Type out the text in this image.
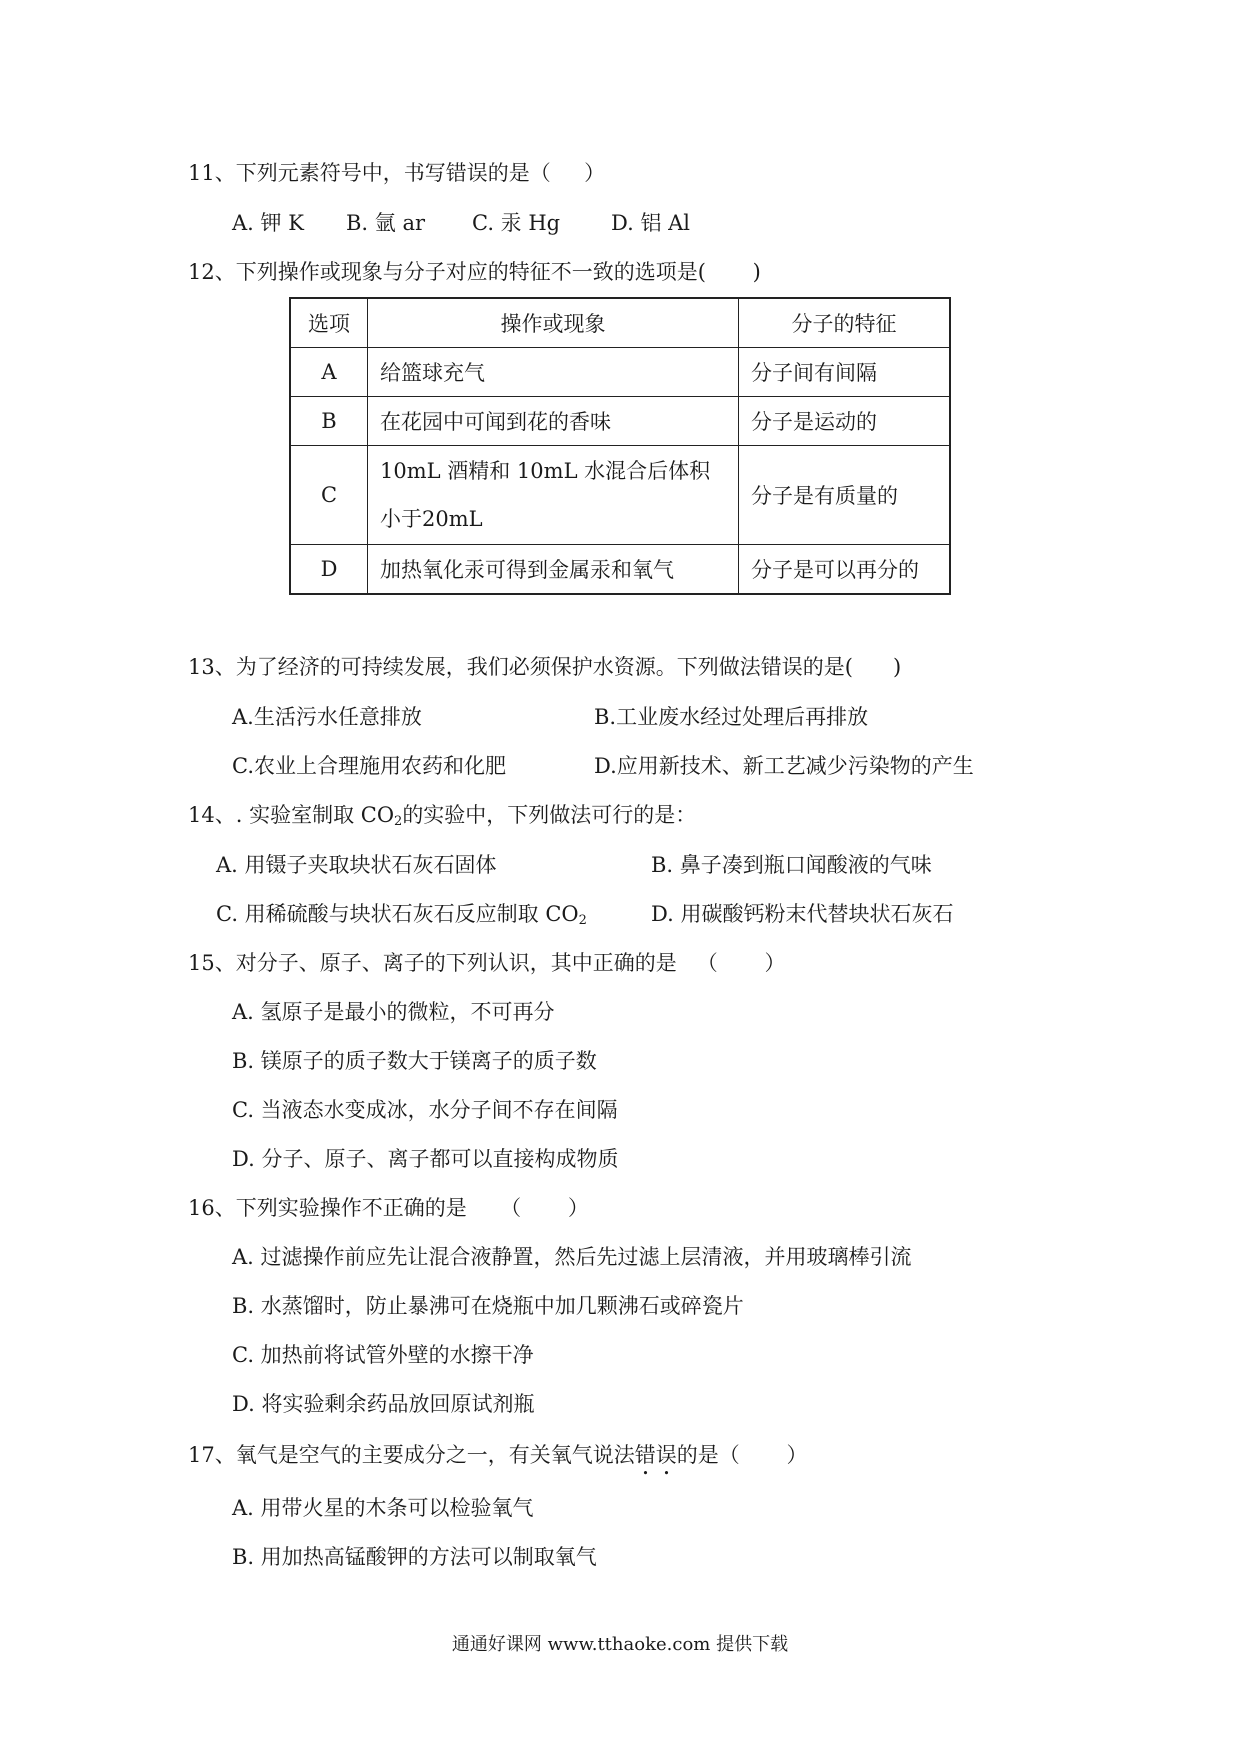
11、下列元素符号中，书写错误的是（     ）
A. 钾 K B. 氩 ar C. 汞 Hg D. 铝 Al
12、下列操作或现象与分子对应的特征不一致的选项是(       )
选项	操作或现象	分子的特征
A	给篮球充气	分子间有间隔
B	在花园中可闻到花的香味	分子是运动的
C	10mL 酒精和 10mL 水混合后体积小于20mL	分子是有质量的
D	加热氧化汞可得到金属汞和氧气	分子是可以再分的
13、为了经济的可持续发展，我们必须保护水资源。下列做法错误的是(      )
A.生活污水任意排放	B.工业废水经过处理后再排放
C.农业上合理施用农药和化肥	D.应用新技术、新工艺减少污染物的产生
14、. 实验室制取 $CO_2$的实验中，下列做法可行的是：
A. 用镊子夹取块状石灰石固体	B. 鼻子凑到瓶口闻酸液的气味
C. 用稀硫酸与块状石灰石反应制取 $CO_2$	D. 用碳酸钙粉末代替块状石灰石
15、对分子、原子、离子的下列认识，其中正确的是   （       ）
A. 氢原子是最小的微粒，不可再分
B. 镁原子的质子数大于镁离子的质子数
C. 当液态水变成冰，水分子间不存在间隔
D. 分子、原子、离子都可以直接构成物质
16、下列实验操作不正确的是     （       ）
A. 过滤操作前应先让混合液静置，然后先过滤上层清液，并用玻璃棒引流
B. 水蒸馏时，防止暴沸可在烧瓶中加几颗沸石或碎瓷片
C. 加热前将试管外壁的水擦干净
D. 将实验剩余药品放回原试剂瓶
17、氧气是空气的主要成分之一，有关氧气说法错误的是（       ）
A. 用带火星的木条可以检验氧气
B. 用加热高锰酸钾的方法可以制取氧气
通通好课网 www.tthaoke.com 提供下载
